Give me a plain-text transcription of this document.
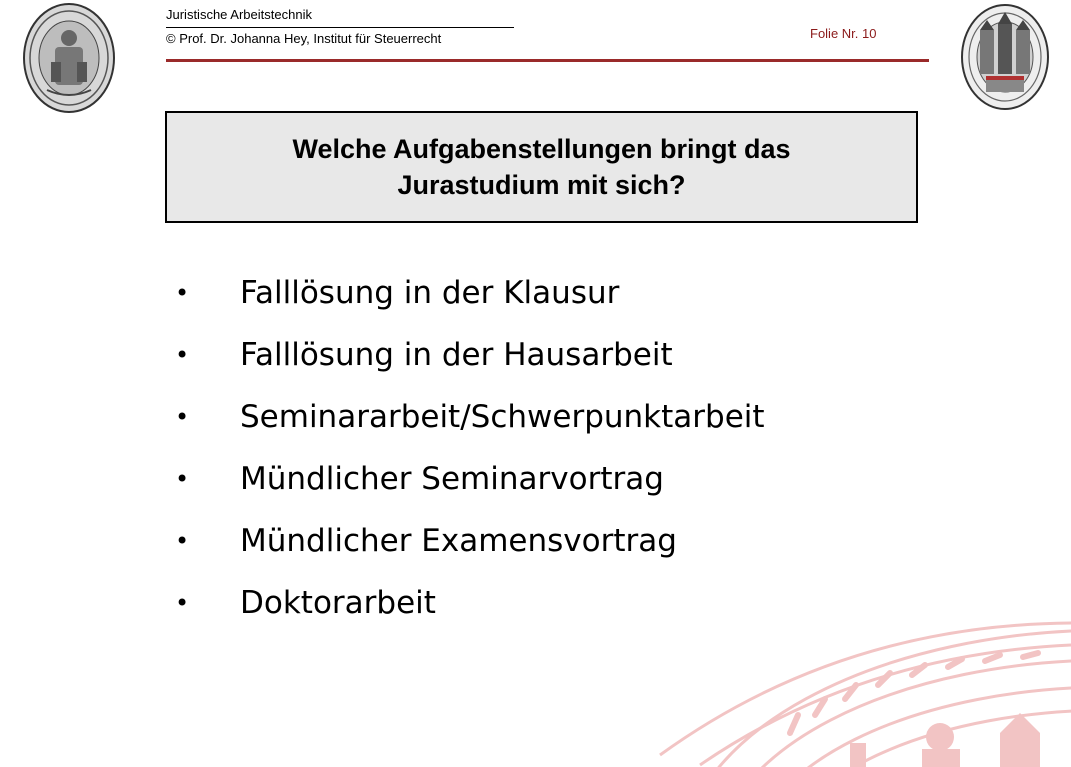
Juristische Arbeitstechnik
© Prof. Dr. Johanna Hey, Institut für Steuerrecht	Folie Nr. 10
Welche Aufgabenstellungen bringt das Jurastudium mit sich?
•	Falllösung in der Klausur
•	Falllösung in der Hausarbeit
•	Seminararbeit/Schwerpunktarbeit
•	Mündlicher Seminarvortrag
•	Mündlicher Examensvortrag
•	Doktorarbeit
